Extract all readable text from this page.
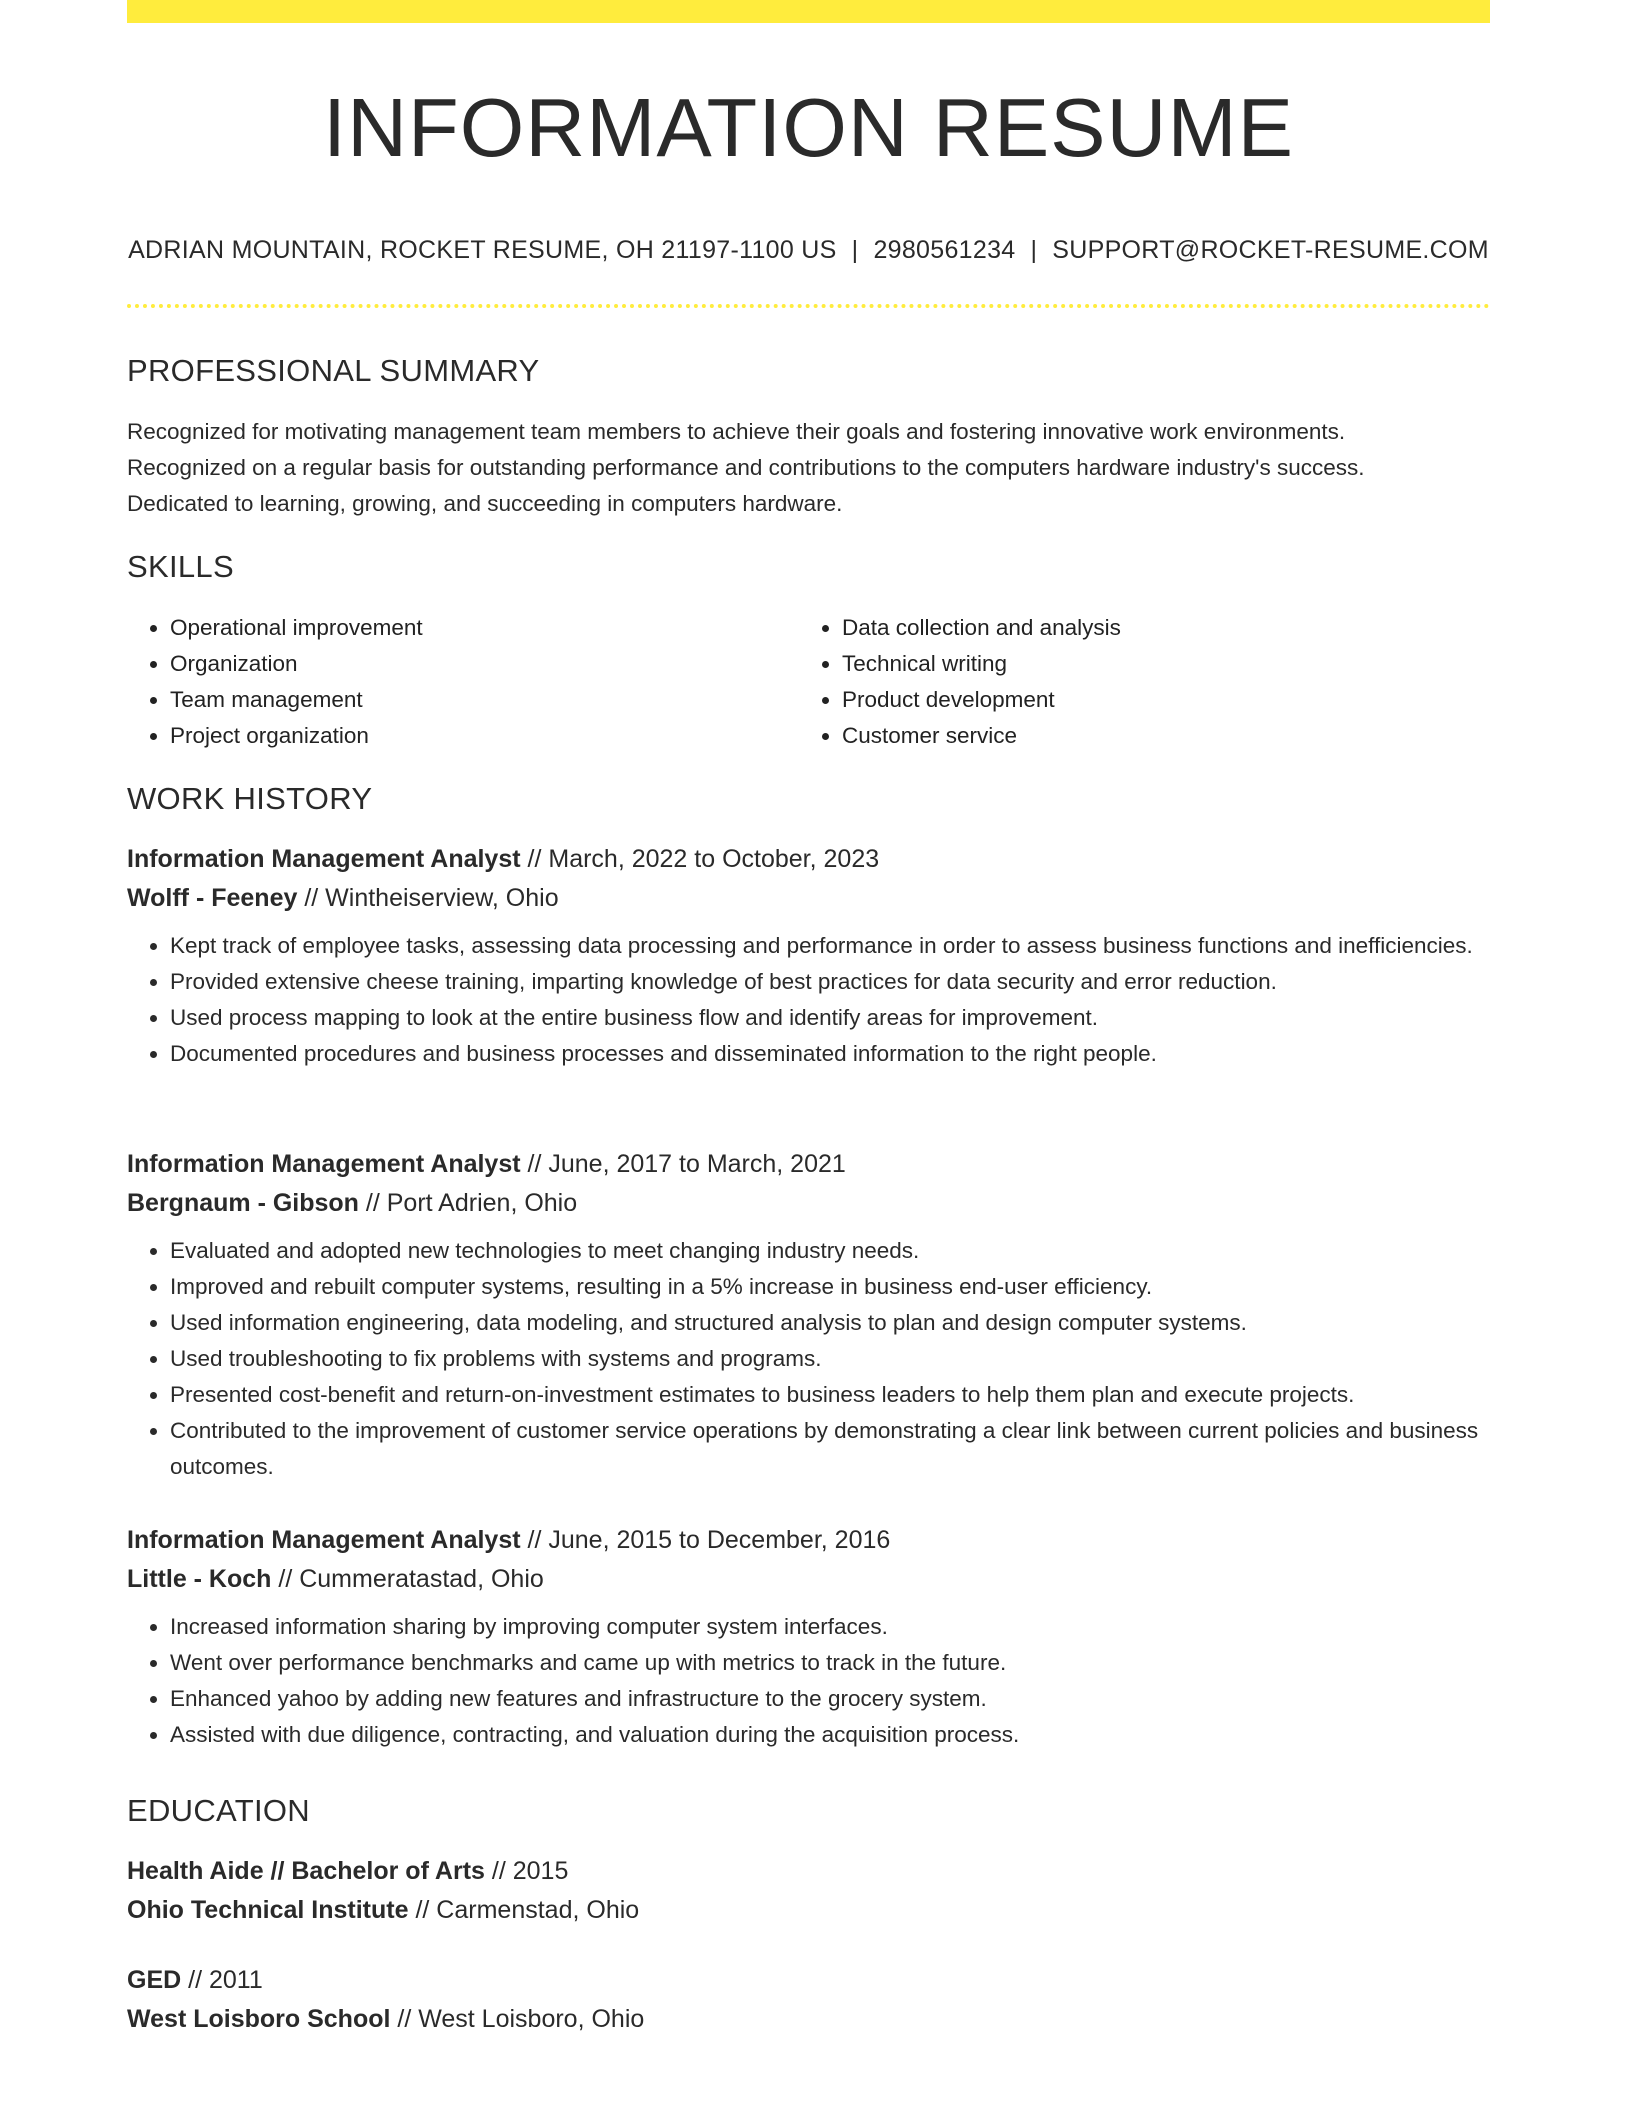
INFORMATION RESUME
ADRIAN MOUNTAIN, ROCKET RESUME, OH 21197-1100 US | 2980561234 | SUPPORT@ROCKET-RESUME.COM
PROFESSIONAL SUMMARY
Recognized for motivating management team members to achieve their goals and fostering innovative work environments.
Recognized on a regular basis for outstanding performance and contributions to the computers hardware industry's success.
Dedicated to learning, growing, and succeeding in computers hardware.
SKILLS
• Operational improvement
• Organization
• Team management
• Project organization
• Data collection and analysis
• Technical writing
• Product development
• Customer service
WORK HISTORY
Information Management Analyst // March, 2022 to October, 2023
Wolff - Feeney // Wintheiserview, Ohio
• Kept track of employee tasks, assessing data processing and performance in order to assess business functions and inefficiencies.
• Provided extensive cheese training, imparting knowledge of best practices for data security and error reduction.
• Used process mapping to look at the entire business flow and identify areas for improvement.
• Documented procedures and business processes and disseminated information to the right people.
Information Management Analyst // June, 2017 to March, 2021
Bergnaum - Gibson // Port Adrien, Ohio
• Evaluated and adopted new technologies to meet changing industry needs.
• Improved and rebuilt computer systems, resulting in a 5% increase in business end-user efficiency.
• Used information engineering, data modeling, and structured analysis to plan and design computer systems.
• Used troubleshooting to fix problems with systems and programs.
• Presented cost-benefit and return-on-investment estimates to business leaders to help them plan and execute projects.
• Contributed to the improvement of customer service operations by demonstrating a clear link between current policies and business outcomes.
Information Management Analyst // June, 2015 to December, 2016
Little - Koch // Cummeratastad, Ohio
• Increased information sharing by improving computer system interfaces.
• Went over performance benchmarks and came up with metrics to track in the future.
• Enhanced yahoo by adding new features and infrastructure to the grocery system.
• Assisted with due diligence, contracting, and valuation during the acquisition process.
EDUCATION
Health Aide // Bachelor of Arts // 2015
Ohio Technical Institute // Carmenstad, Ohio
GED // 2011
West Loisboro School // West Loisboro, Ohio
